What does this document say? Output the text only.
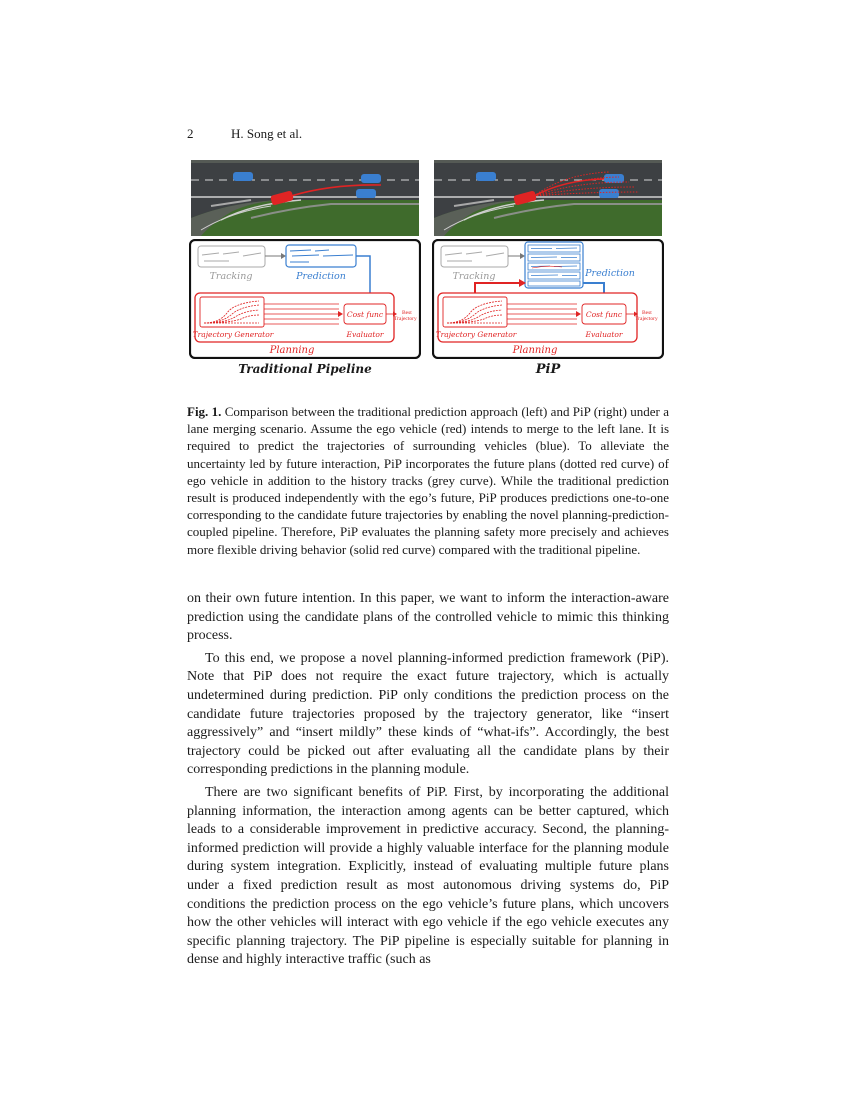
2	H. Song et al.
Tracking	Prediction
Trajectory Generator
Cost func
Evaluator
Best
Trajectory
Planning
Traditional Pipeline
Tracking	Prediction
Trajectory Generator
Cost func
Evaluator
Best
Trajectory
Planning
PiP
Fig. 1. Comparison between the traditional prediction approach (left) and PiP (right) under a lane merging scenario. Assume the ego vehicle (red) intends to merge to the left lane. It is required to predict the trajectories of surrounding vehicles (blue). To alleviate the uncertainty led by future interaction, PiP incorporates the future plans (dotted red curve) of ego vehicle in addition to the history tracks (grey curve). While the traditional prediction result is produced independently with the ego’s future, PiP produces predictions one-to-one corresponding to the candidate future trajectories by enabling the novel planning-prediction-coupled pipeline. Therefore, PiP evaluates the planning safety more precisely and achieves more flexible driving behavior (solid red curve) compared with the traditional pipeline.

on their own future intention. In this paper, we want to inform the interaction-aware prediction using the candidate plans of the controlled vehicle to mimic this thinking process.

To this end, we propose a novel planning-informed prediction framework (PiP). Note that PiP does not require the exact future trajectory, which is actually undetermined during prediction. PiP only conditions the prediction process on the candidate future trajectories proposed by the trajectory generator, like “insert aggressively” and “insert mildly” these kinds of “what-ifs”. Accordingly, the best trajectory could be picked out after evaluating all the candidate plans by their corresponding predictions in the planning module.

There are two significant benefits of PiP. First, by incorporating the additional planning information, the interaction among agents can be better captured, which leads to a considerable improvement in predictive accuracy. Second, the planning-informed prediction will provide a highly valuable interface for the planning module during system integration. Explicitly, instead of evaluating multiple future plans under a fixed prediction result as most autonomous driving systems do, PiP conditions the prediction process on the ego vehicle’s future plans, which uncovers how the other vehicles will interact with ego vehicle if the ego vehicle executes any specific planning trajectory. The PiP pipeline is especially suitable for planning in dense and highly interactive traffic (such as
